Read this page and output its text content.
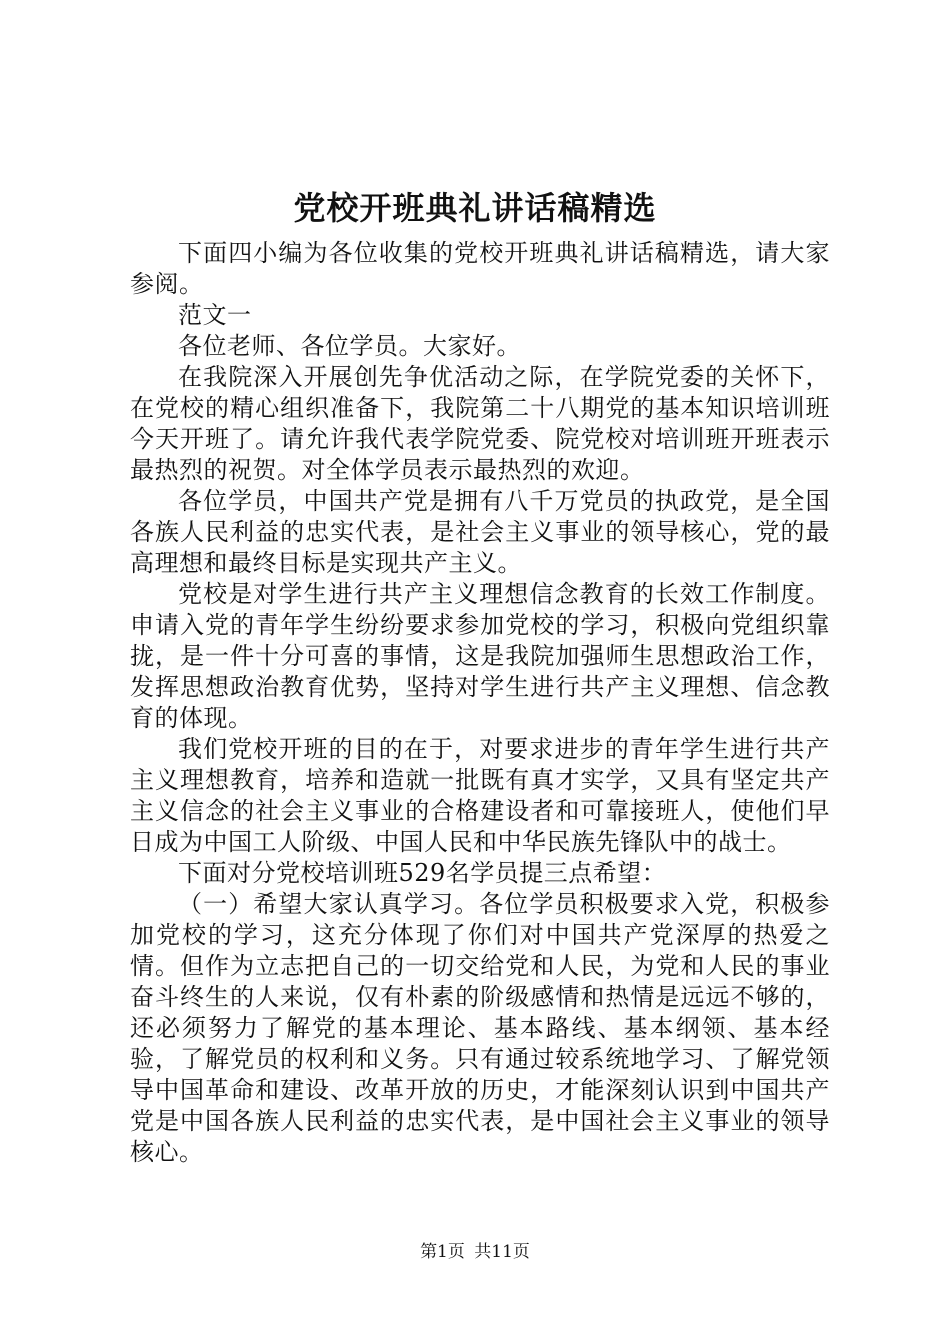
党校开班典礼讲话稿精选

下面四小编为各位收集的党校开班典礼讲话稿精选，请大家参阅。

范文一

各位老师、各位学员。大家好。

在我院深入开展创先争优活动之际，在学院党委的关怀下，在党校的精心组织准备下，我院第二十八期党的基本知识培训班今天开班了。请允许我代表学院党委、院党校对培训班开班表示最热烈的祝贺。对全体学员表示最热烈的欢迎。

各位学员，中国共产党是拥有八千万党员的执政党，是全国各族人民利益的忠实代表，是社会主义事业的领导核心，党的最高理想和最终目标是实现共产主义。

党校是对学生进行共产主义理想信念教育的长效工作制度。申请入党的青年学生纷纷要求参加党校的学习，积极向党组织靠拢，是一件十分可喜的事情，这是我院加强师生思想政治工作，发挥思想政治教育优势，坚持对学生进行共产主义理想、信念教育的体现。

我们党校开班的目的在于，对要求进步的青年学生进行共产主义理想教育，培养和造就一批既有真才实学，又具有坚定共产主义信念的社会主义事业的合格建设者和可靠接班人，使他们早日成为中国工人阶级、中国人民和中华民族先锋队中的战士。

下面对分党校培训班529名学员提三点希望：

（一）希望大家认真学习。各位学员积极要求入党，积极参加党校的学习，这充分体现了你们对中国共产党深厚的热爱之情。但作为立志把自己的一切交给党和人民，为党和人民的事业奋斗终生的人来说，仅有朴素的阶级感情和热情是远远不够的，还必须努力了解党的基本理论、基本路线、基本纲领、基本经验，了解党员的权利和义务。只有通过较系统地学习、了解党领导中国革命和建设、改革开放的历史，才能深刻认识到中国共产党是中国各族人民利益的忠实代表，是中国社会主义事业的领导核心。

第1页 共11页
